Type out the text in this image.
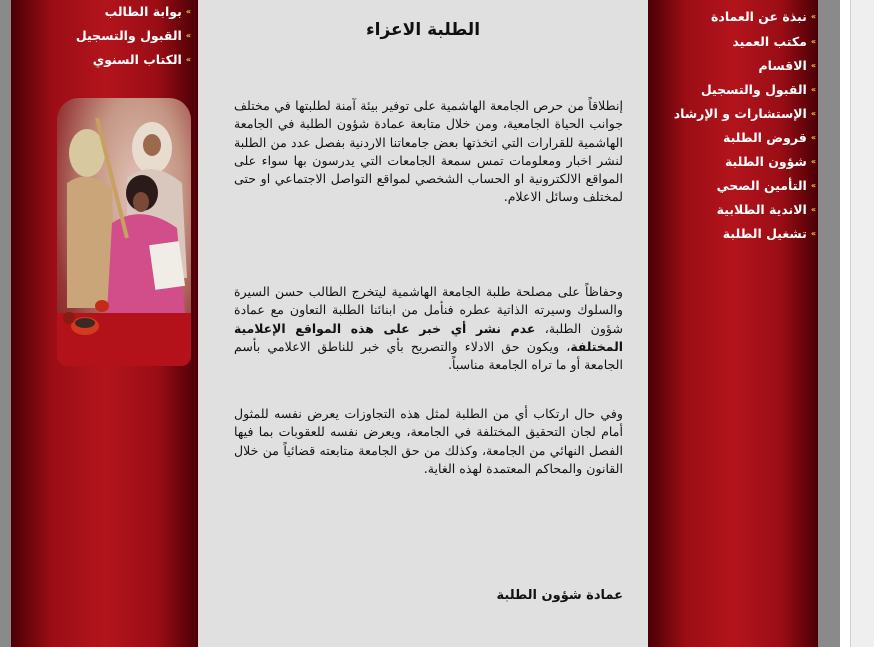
»بوابة الطالب
»القبول والتسجيل
»الكتاب السنوي
الطلبة الاعزاء
إنطلاقاً من حرص الجامعة الهاشمية على توفير بيئة آمنة لطلبتها في مختلف جوانب الحياة الجامعية، ومن خلال متابعة عمادة شؤون الطلبة في الجامعة الهاشمية للقرارات التي اتخذتها بعض جامعاتنا الاردنية بفصل عدد من الطلبة لنشر اخبار ومعلومات تمس سمعة الجامعات التي يدرسون بها سواء على المواقع الالكترونية او الحساب الشخصي لمواقع التواصل الاجتماعي او حتى لمختلف وسائل الاعلام.
وحفاظاً على مصلحة طلبة الجامعة الهاشمية ليتخرج الطالب حسن السيرة والسلوك وسيرته الذاتية عطره فنأمل من ابنائنا الطلبة التعاون مع عمادة شؤون الطلبة، عدم نشر أي خبر على هذه المواقع الإعلامية المختلفة، ويكون حق الادلاء والتصريح بأي خبر للناطق الاعلامي بأسم الجامعة أو ما تراه الجامعة مناسباً.
وفي حال ارتكاب أي من الطلبة لمثل هذه التجاوزات يعرض نفسه للمثول أمام لجان التحقيق المختلفة في الجامعة، ويعرض نفسه للعقوبات بما فيها الفصل النهائي من الجامعة، وكذلك من حق الجامعة متابعته قضائياً من خلال القانون والمحاكم المعتمدة لهذه الغاية.
عمادة شؤون الطلبة
»نبذة عن العمادة
»مكتب العميد
»الاقسام
»القبول والتسجيل
»الإستشارات و الإرشاد
»قروض الطلبة
»شؤون الطلبة
»التأمين الصحي
»الاندية الطلابية
»تشغيل الطلبة
